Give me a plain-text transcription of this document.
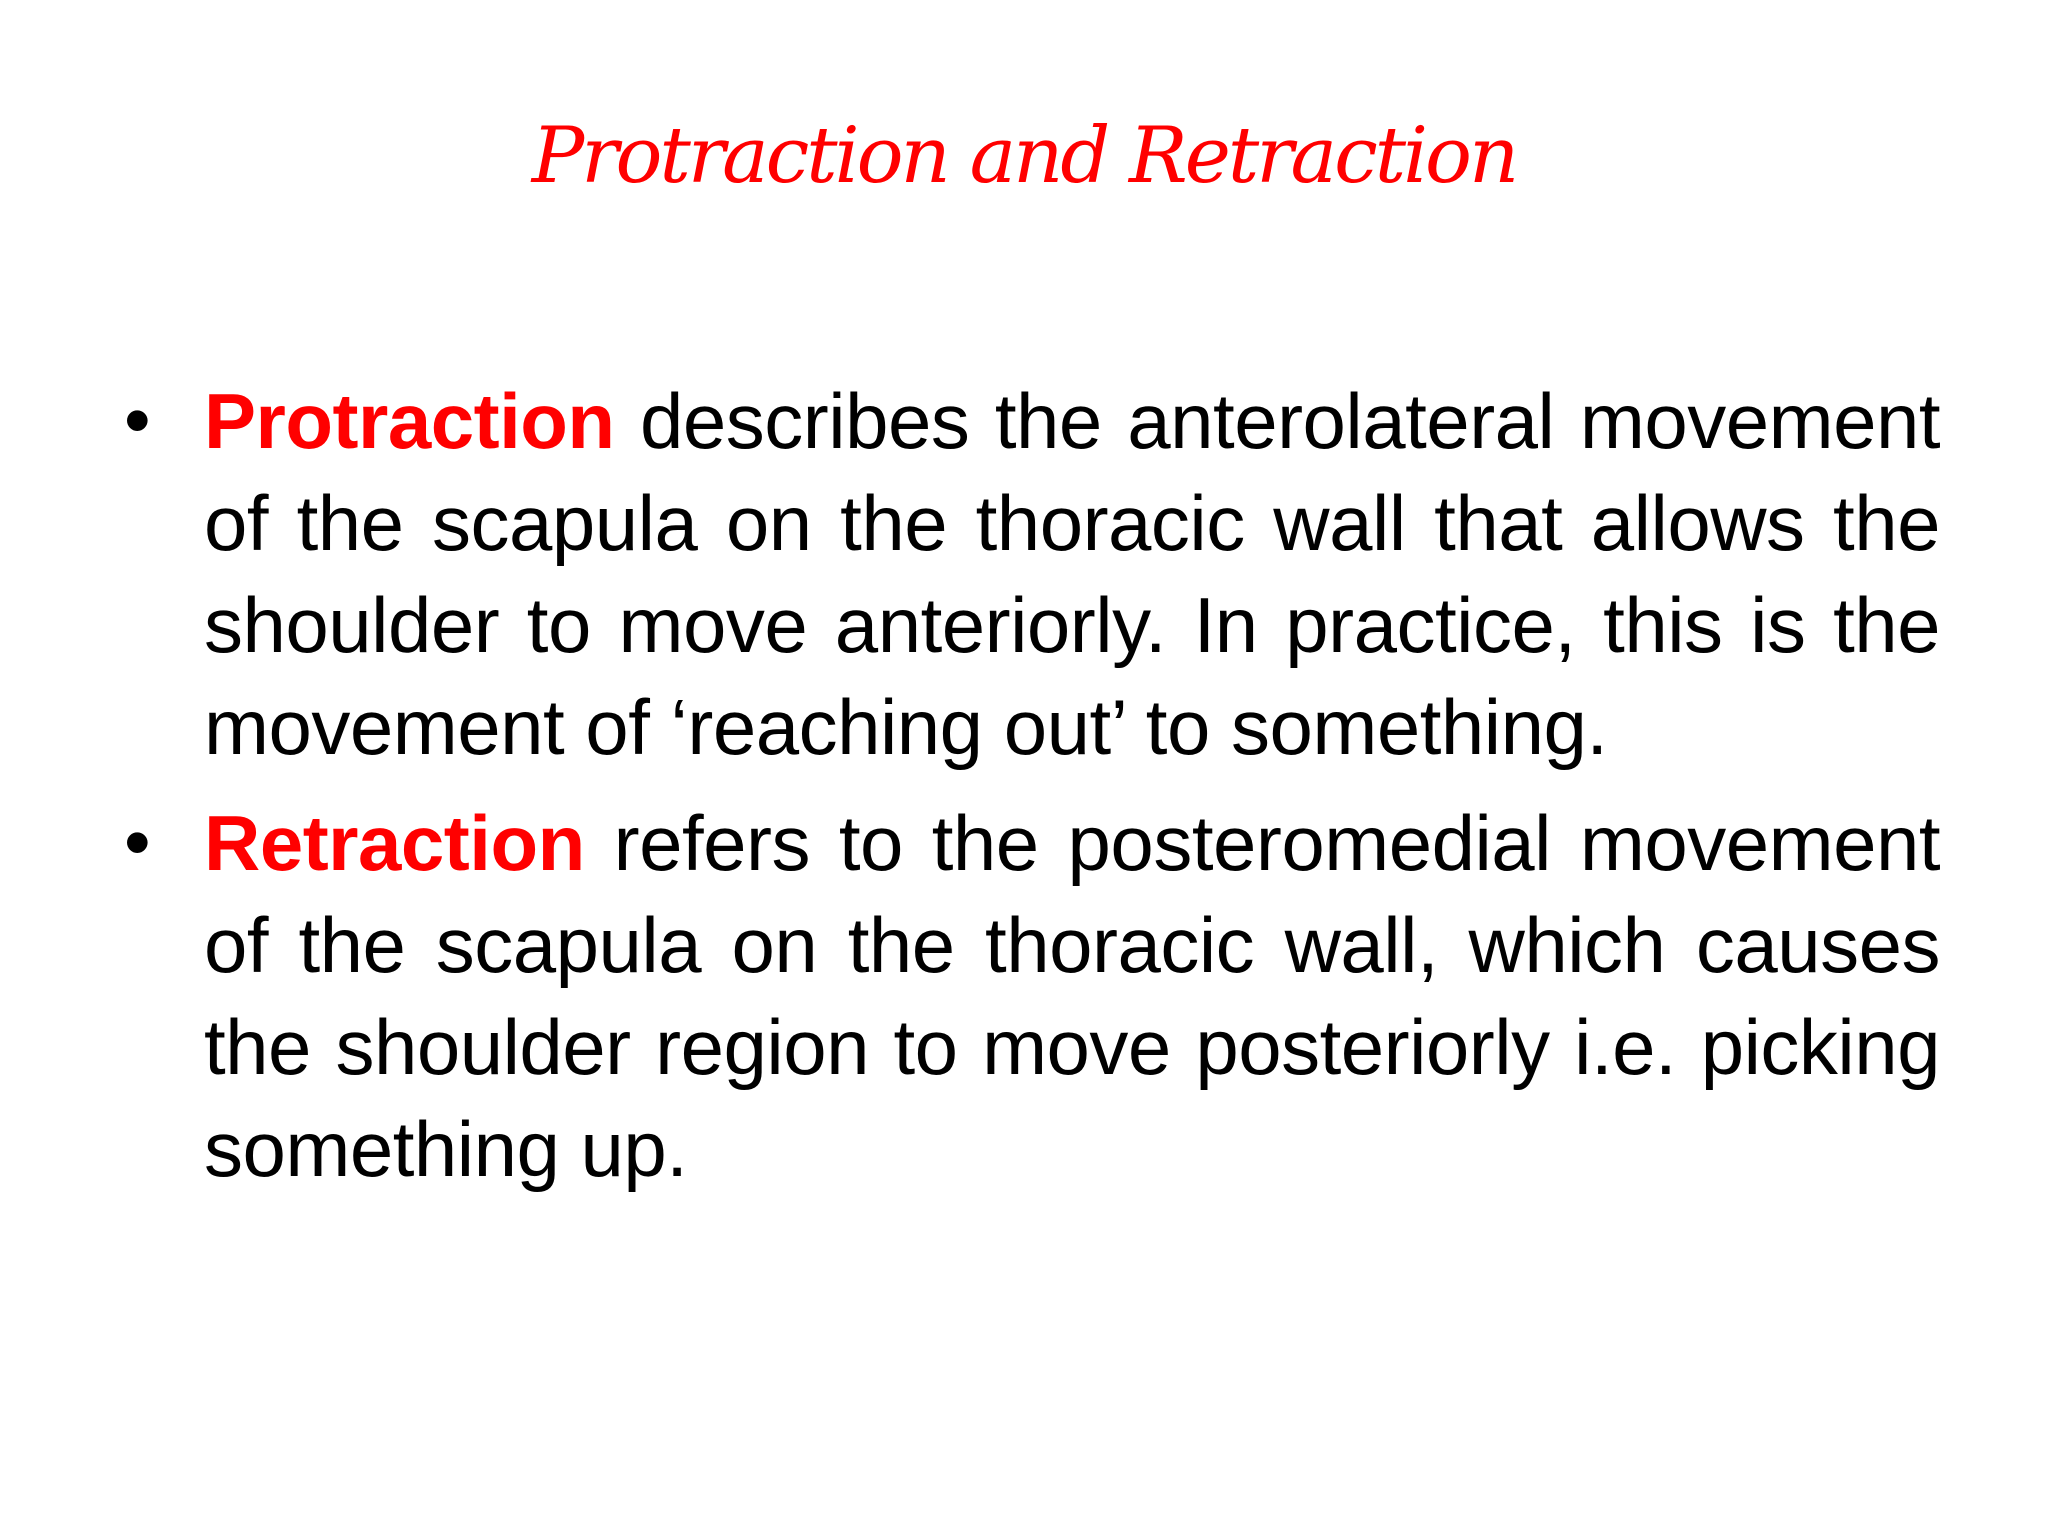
Protraction and Retraction
• Protraction describes the anterolateral movement of the scapula on the thoracic wall that allows the shoulder to move anteriorly. In practice, this is the movement of ‘reaching out’ to something.
• Retraction refers to the posteromedial movement of the scapula on the thoracic wall, which causes the shoulder region to move posteriorly i.e. picking something up.
